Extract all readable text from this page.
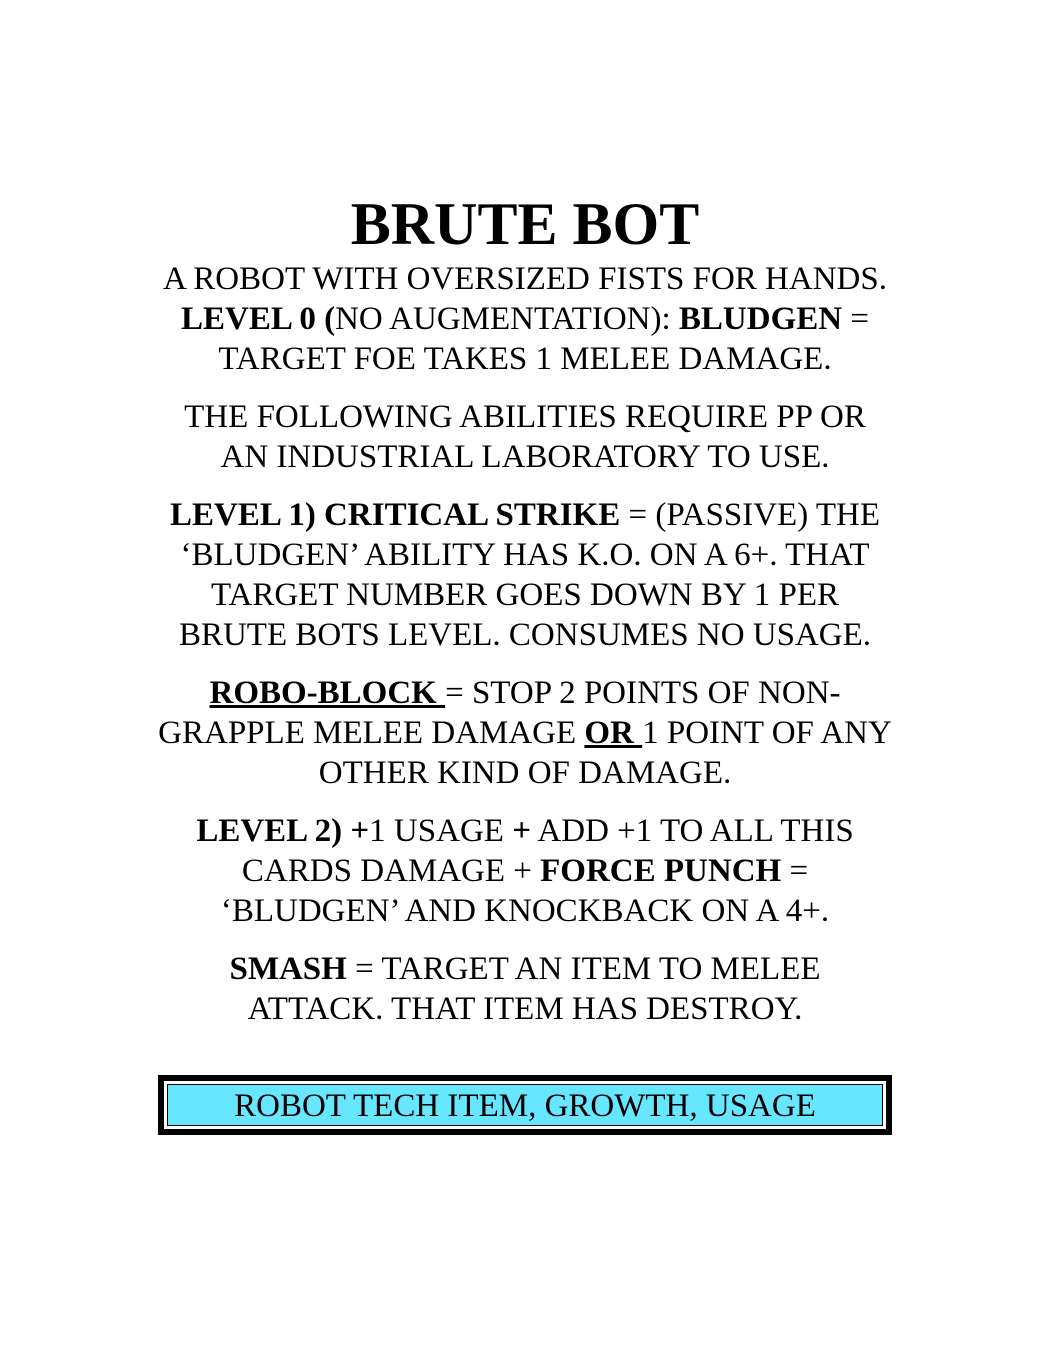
BRUTE BOT
A ROBOT WITH OVERSIZED FISTS FOR HANDS.
LEVEL 0 (NO AUGMENTATION): BLUDGEN =
TARGET FOE TAKES 1 MELEE DAMAGE.
THE FOLLOWING ABILITIES REQUIRE PP OR
AN INDUSTRIAL LABORATORY TO USE.
LEVEL 1) CRITICAL STRIKE = (PASSIVE) THE
‘BLUDGEN’ ABILITY HAS K.O. ON A 6+. THAT
TARGET NUMBER GOES DOWN BY 1 PER
BRUTE BOTS LEVEL. CONSUMES NO USAGE.
ROBO-BLOCK = STOP 2 POINTS OF NON-
GRAPPLE MELEE DAMAGE OR 1 POINT OF ANY
OTHER KIND OF DAMAGE.
LEVEL 2) +1 USAGE + ADD +1 TO ALL THIS
CARDS DAMAGE + FORCE PUNCH =
‘BLUDGEN’ AND KNOCKBACK ON A 4+.
SMASH = TARGET AN ITEM TO MELEE
ATTACK. THAT ITEM HAS DESTROY.
ROBOT TECH ITEM, GROWTH, USAGE
